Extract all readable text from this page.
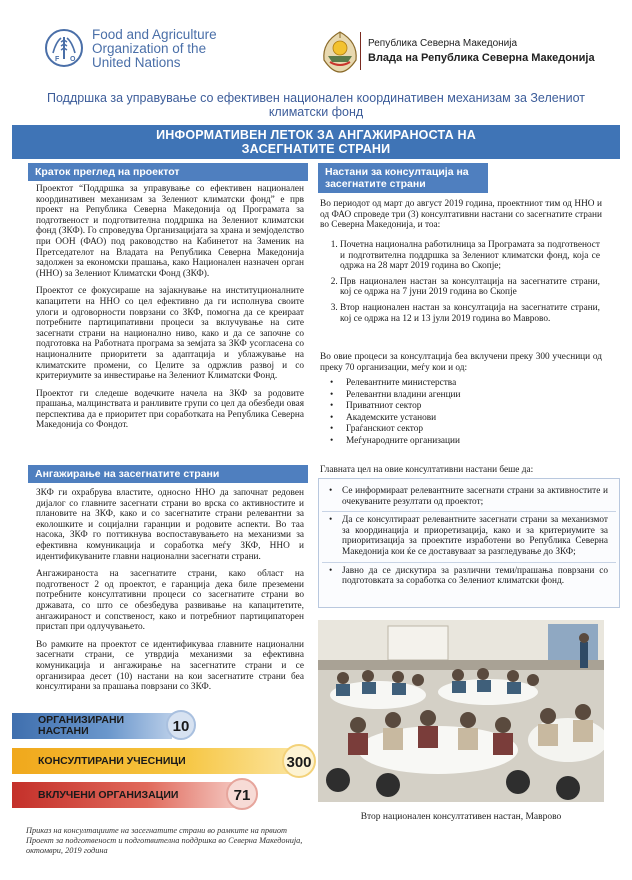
F O
Food and Agriculture
Organization of the
United Nations
Република Северна Македонија
Влада на Република Северна Македонија
Поддршка за управување со ефективен национален координативен механизам за Зелениот климатски фонд
ИНФОРМАТИВЕН ЛЕТОК ЗА АНГАЖИРАНОСТА НА ЗАСЕГНАТИТЕ СТРАНИ
Краток преглед на проектот

Проектот “Поддршка за управување со ефективен национален координативен механизам за Зелениот климатски фонд” е прв проект на Република Северна Македонија од Програмата за подготвеност и подготвителна поддршка на Зелениот климатски фонд (ЗКФ). Го спроведува Организацијата за храна и земјоделство при ООН (ФАО) под раководство на Кабинетот на Заменик на Претседателот на Владата на Република Северна Македонија задолжен за економски прашања, како Национален назначен орган (ННО) за Зелениот Климатски Фонд (ЗКФ).

Проектот се фокусираше на зајакнување на институционалните капацитети на ННО со цел ефективно да ги исполнува своите улоги и одговорности поврзани со ЗКФ, помогна да се креираат потребните партиципативни процеси за вклучување на сите засегнати страни на национално ниво, како и да се започне со подготовка на Работната програма за земјата за ЗКФ усогласена со националните приоритети за адаптација и ублажување на климатските промени, со Целите за одржлив развој и со критериумите за инвестирање на Зелениот Климатски Фонд.

Проектот ги следеше водечките начела на ЗКФ за родовите прашања, малцинствата и ранливите групи со цел да обезбеди овая перспектива да е приоритет при соработката на Република Северна Македонија со Фондот.

Ангажирање на засегнатите страни

ЗКФ ги охрабрува властите, односно ННО да започнат редовен дијалог со главните засегнати страни во врска со активностите и плановите на ЗКФ, како и со засегнатите страни релевантни за еколошките и социјални гаранции и родовите аспекти. Во таа насока, ЗКФ го поттикнува воспоставувањето на механизми за ефективна комуникација и соработка меѓу ЗКФ, ННО и идентификуваните главни национални засегнати страни.

Ангажираноста на засегнатите страни, како област на подготвеност 2 од проектот, е гаранција дека биле преземени потребните консултативни процеси со засегнатите страни во државата, со што се обезбедува развивање на капацитетите, ангажираност и сопственост, како и потребниот партиципаторен пристап при одлучувањето.

Во рамките на проектот се идентификуваа главните национални засегнати страни, се утврдија механизми за ефективна комуникација и ангажирање на засегнатите страни и се организираа десет (10) настани на кои засегнатите страни беа консултирани за прашања поврзани со ЗКФ.

ОРГАНИЗИРАНИ НАСТАНИ	10
КОНСУЛТИРАНИ УЧЕСНИЦИ	300
ВКЛУЧЕНИ ОРГАНИЗАЦИИ	71
Приказ на консултациите на засегнатите страни во рамките на првиот Проект за подготвеност и подготвителна поддршка во Северна Македонија, октомври, 2019 година
Настани за консултација на засегнатите страни
Во периодот од март до август 2019 година, проектниот тим од ННО и од ФАО спроведе три (3) консултативни настани со засегнатите страни во Северна Македонија, и тоа:
1. Почетна национална работилница за Програмата за подготвеност и подготвителна поддршка за Зелениот климатски фонд, која се одржа на 28 март 2019 година во Скопје;
2. Прв национален настан за консултација на засегнатите страни, кој се одржа на 7 јуни 2019 година во Скопје
3. Втор национален настан за консултација на засегнатите страни, кој се одржа на 12 и 13 јули 2019 година во Маврово.
Во овие процеси за консултација беа вклучени преку 300 учесници од преку 70 организации, меѓу кои и од:
• Релевантните министерства
• Релевантни владини агенции
• Приватниот сектор
• Академските установи
• Граѓанскиот сектор
• Меѓународните организации
Главната цел на овие консултативни настани беше да:
• Се информираат релевантните засегнати страни за активностите и очекуваните резултати од проектот;
• Да се консултираат релевантните засегнати страни за механизмот за координација и приоретизација, како и за критериумите за приоритизација за проектите изработени во Република Северна Македонија кои ќе се доставуваат за разгледување до ЗКФ;
• Јавно да се дискутира за различни теми/прашања поврзани со подготовката за соработка со Зелениот климатски фонд.
Втор национален консултативен настан, Маврово
